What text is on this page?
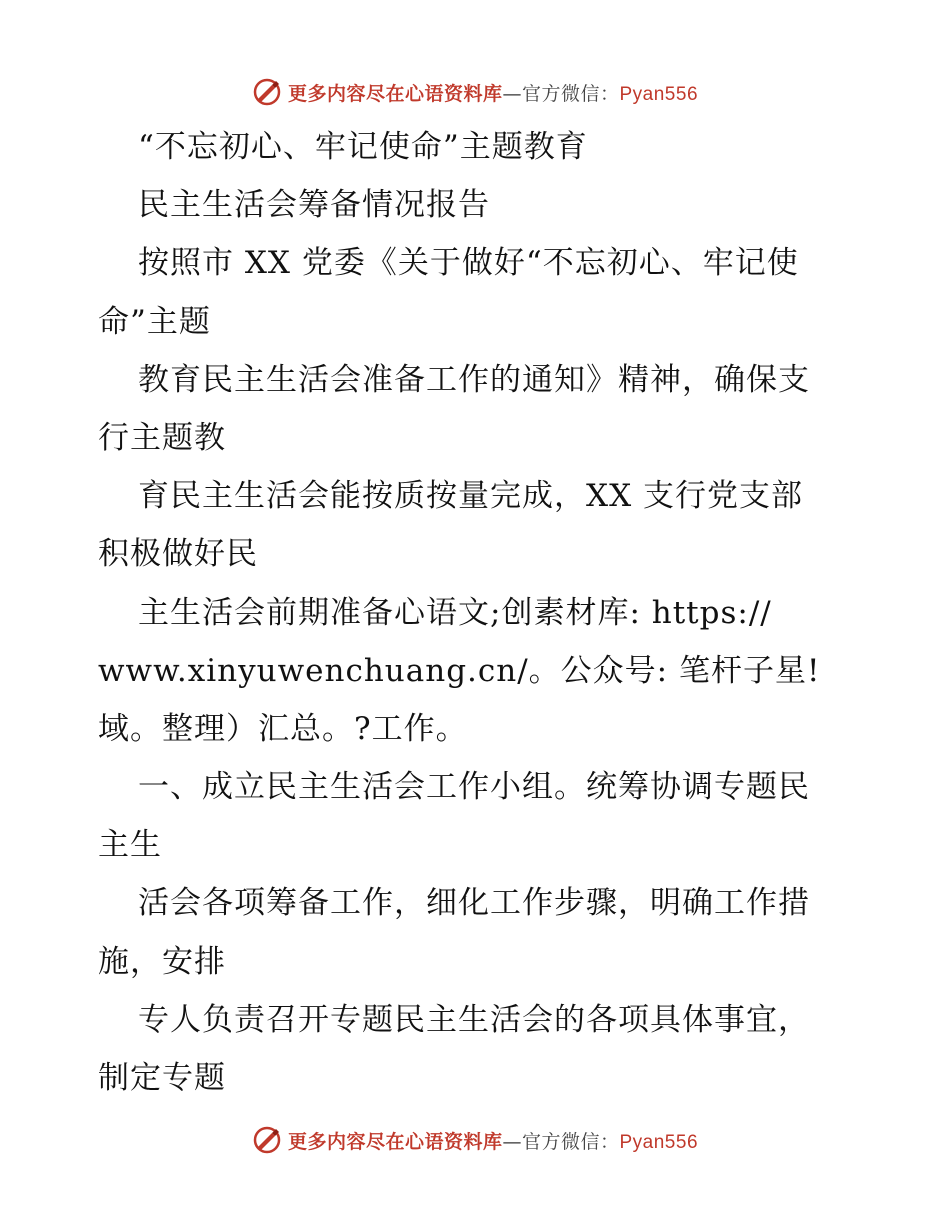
更多内容尽在心语资料库—官方微信：Pyan556
“不忘初心、牢记使命”主题教育
民主生活会筹备情况报告
按照市 XX 党委《关于做好“不忘初心、牢记使
命”主题
教育民主生活会准备工作的通知》精神，确保支
行主题教
育民主生活会能按质按量完成，XX 支行党支部
积极做好民
主生活会前期准备心语文;创素材库: https://
www.xinyuwenchuang.cn/。公众号: 笔杆子星!
域。整理）汇总。?工作。
一、成立民主生活会工作小组。统筹协调专题民
主生
活会各项筹备工作，细化工作步骤，明确工作措
施，安排
专人负责召开专题民主生活会的各项具体事宜，
制定专题
更多内容尽在心语资料库—官方微信：Pyan556
